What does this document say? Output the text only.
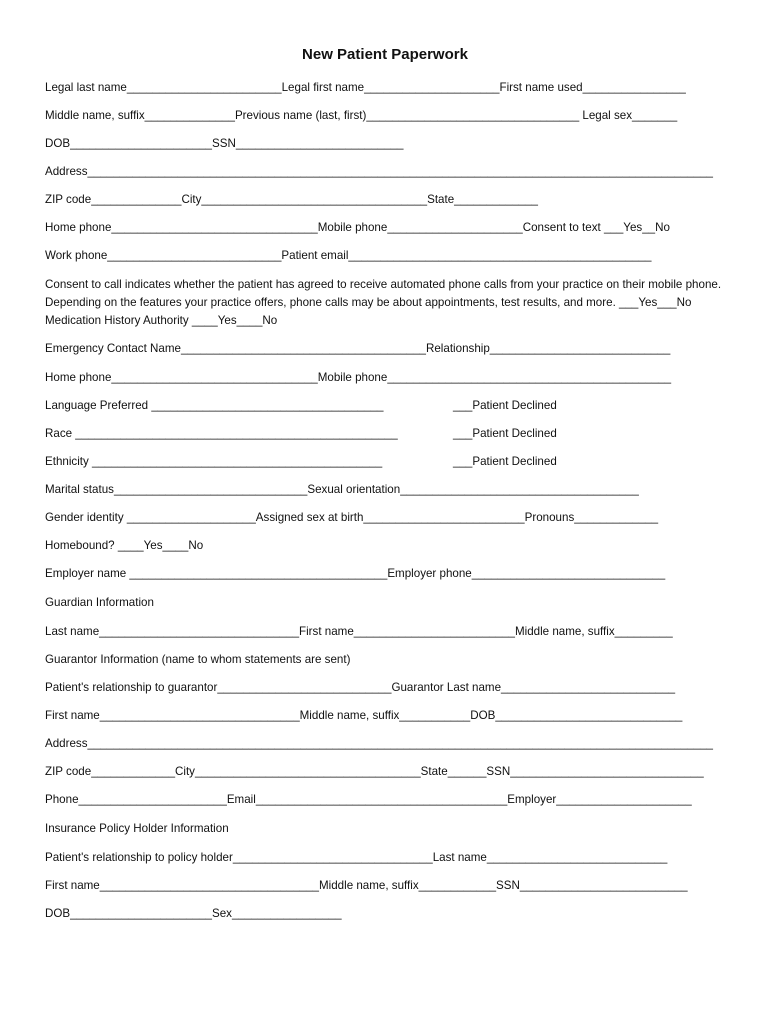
New Patient Paperwork
Legal last name________________________Legal first name_____________________First name used________________
Middle name, suffix______________Previous name (last, first)_________________________________ Legal sex_______
DOB______________________SSN__________________________
Address_________________________________________________________________________________________________
ZIP code______________City___________________________________State_____________
Home phone________________________________Mobile phone_____________________Consent to text ___Yes__No
Work phone___________________________Patient email_______________________________________________
Consent to call indicates whether the patient has agreed to receive automated phone calls from your practice on their mobile phone. Depending on the features your practice offers, phone calls may be about appointments, test results, and more. ___Yes___No Medication History Authority ____Yes____No
Emergency Contact Name______________________________________Relationship____________________________
Home phone________________________________Mobile phone____________________________________________
Language Preferred ____________________________________	___Patient Declined
Race __________________________________________________	___Patient Declined
Ethnicity _____________________________________________	___Patient Declined
Marital status______________________________Sexual orientation_____________________________________
Gender identity ____________________Assigned sex at birth_________________________Pronouns_____________
Homebound? ____Yes____No
Employer name ________________________________________Employer phone______________________________
Guardian Information
Last name_______________________________First name_________________________Middle name, suffix_________
Guarantor Information (name to whom statements are sent)
Patient's relationship to guarantor___________________________Guarantor Last name___________________________
First name_______________________________Middle name, suffix___________DOB_____________________________
Address_________________________________________________________________________________________________
ZIP code_____________City___________________________________State______SSN______________________________
Phone_______________________Email_______________________________________Employer_____________________
Insurance Policy Holder Information
Patient's relationship to policy holder_______________________________Last name____________________________
First name__________________________________Middle name, suffix____________SSN__________________________
DOB______________________Sex_________________
